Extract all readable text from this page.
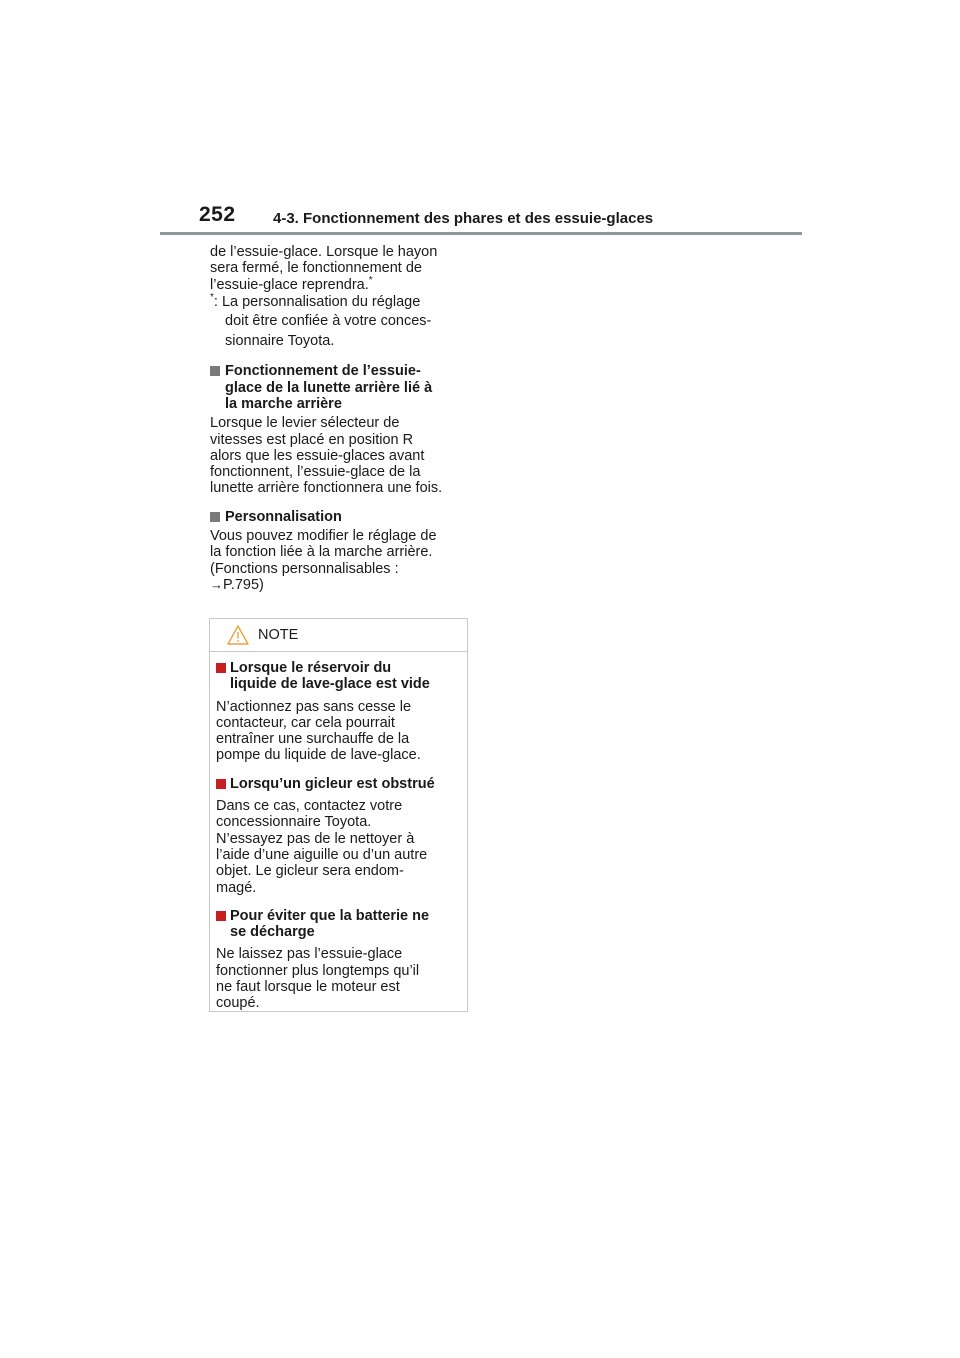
252 4-3. Fonctionnement des phares et des essuie-glaces

de l’essuie-glace. Lorsque le hayon
sera fermé, le fonctionnement de
l’essuie-glace reprendra.*

*: La personnalisation du réglage
doit être confiée à votre conces-
sionnaire Toyota.

Fonctionnement de l’essuie-
glace de la lunette arrière lié à
la marche arrière

Lorsque le levier sélecteur de
vitesses est placé en position R
alors que les essuie-glaces avant
fonctionnent, l’essuie-glace de la
lunette arrière fonctionnera une fois.

Personnalisation

Vous pouvez modifier le réglage de
la fonction liée à la marche arrière.
(Fonctions personnalisables :
→P.795)

NOTE

Lorsque le réservoir du
liquide de lave-glace est vide

N’actionnez pas sans cesse le
contacteur, car cela pourrait
entraîner une surchauffe de la
pompe du liquide de lave-glace.

Lorsqu’un gicleur est obstrué

Dans ce cas, contactez votre
concessionnaire Toyota.
N’essayez pas de le nettoyer à
l’aide d’une aiguille ou d’un autre
objet. Le gicleur sera endom-
magé.

Pour éviter que la batterie ne
se décharge

Ne laissez pas l’essuie-glace
fonctionner plus longtemps qu’il
ne faut lorsque le moteur est
coupé.
